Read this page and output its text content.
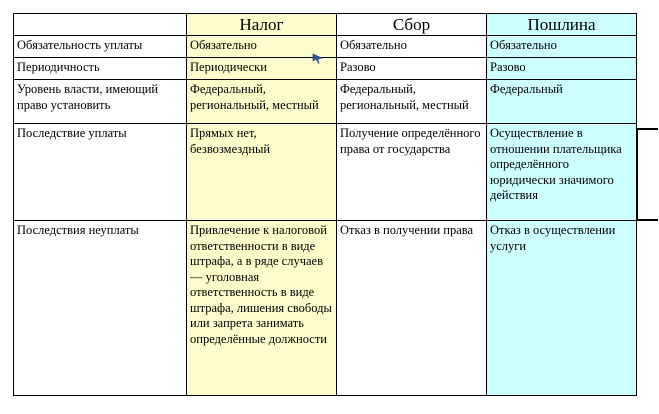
	Налог	Сбор	Пошлина
Обязательность уплаты	Обязательно	Обязательно	Обязательно
Периодичность	Периодически	Разово	Разово
Уровень власти, имеющий право установить	Федеральный, региональный, местный	Федеральный, региональный, местный	Федеральный
Последствие уплаты	Прямых нет, безвозмездный	Получение определённого права от государства	Осуществление в отношении плательщика определённого юридически значимого действия
Последствия неуплаты	Привлечение к налоговой ответственности в виде штрафа, а в ряде случаев — уголовная ответственность в виде штрафа, лишения свободы или запрета занимать определённые должности	Отказ в получении права	Отказ в осуществлении услуги
